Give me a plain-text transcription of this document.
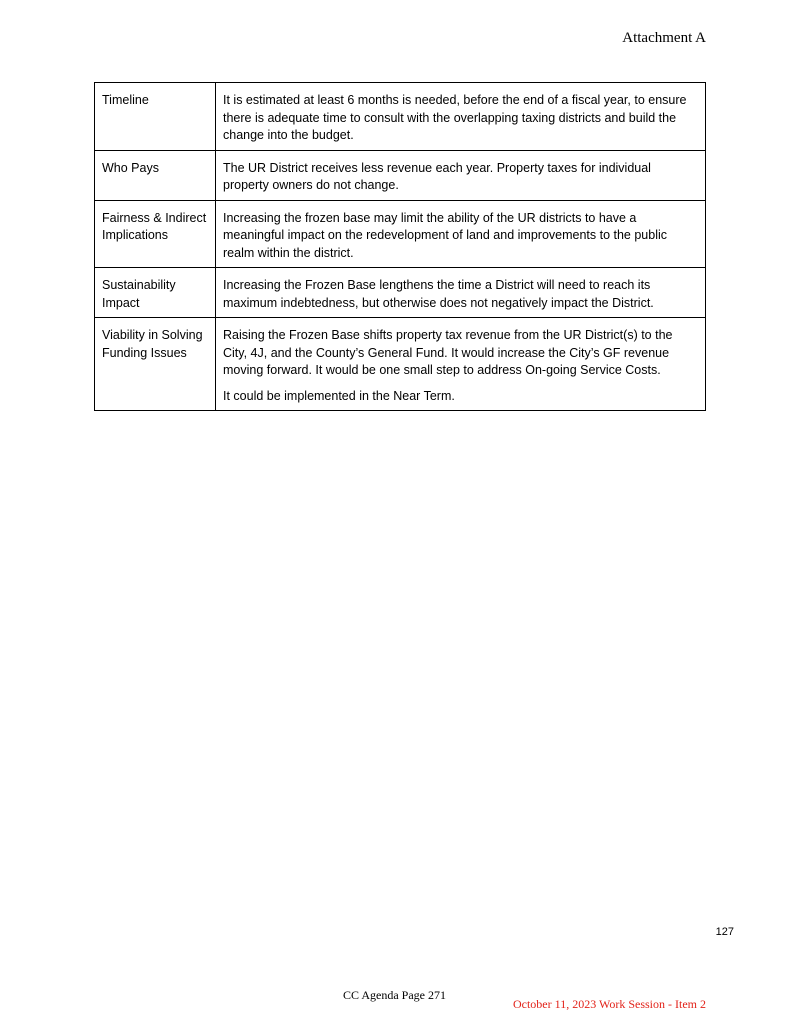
Attachment A
Timeline	It is estimated at least 6 months is needed, before the end of a fiscal year, to ensure there is adequate time to consult with the overlapping taxing districts and build the change into the budget.

Who Pays	The UR District receives less revenue each year. Property taxes for individual property owners do not change.

Fairness & Indirect Implications	Increasing the frozen base may limit the ability of the UR districts to have a meaningful impact on the redevelopment of land and improvements to the public realm within the district.

Sustainability Impact	Increasing the Frozen Base lengthens the time a District will need to reach its maximum indebtedness, but otherwise does not negatively impact the District.

Viability in Solving Funding Issues	Raising the Frozen Base shifts property tax revenue from the UR District(s) to the City, 4J, and the County’s General Fund. It would increase the City’s GF revenue moving forward. It would be one small step to address On-going Service Costs.

It could be implemented in the Near Term.

127
CC Agenda Page 271
October 11, 2023 Work Session - Item 2
